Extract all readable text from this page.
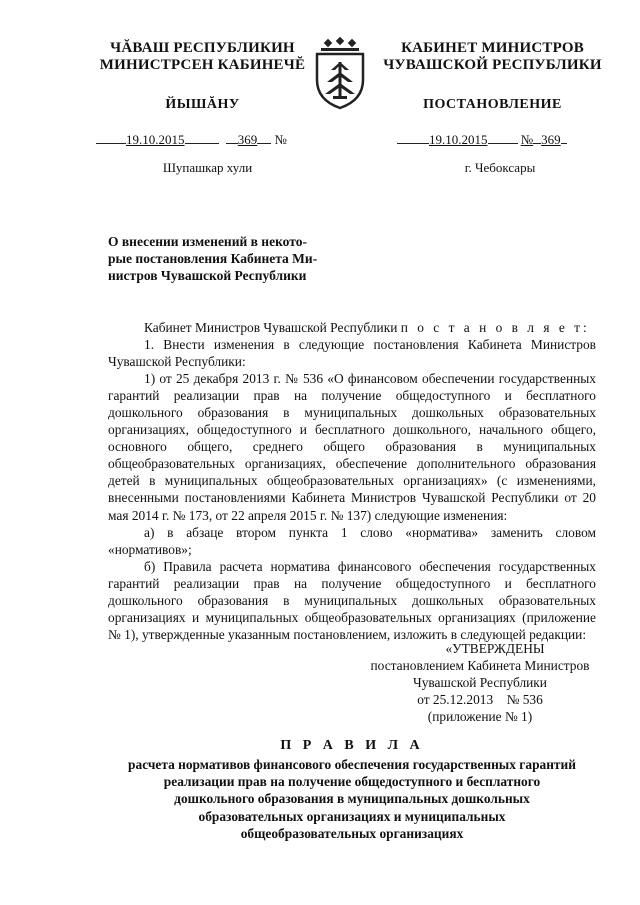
ЧĂВАШ РЕСПУБЛИКИН
МИНИСТРСЕН КАБИНЕЧĔ
ЙЫШĂНУ
КАБИНЕТ МИНИСТРОВ
ЧУВАШСКОЙ РЕСПУБЛИКИ
ПОСТАНОВЛЕНИЕ
19.10.2015	369 №	19.10.2015	№ 369
Шупашкар хули	г. Чебоксары
О внесении изменений в некото-
рые постановления Кабинета Ми-
нистров Чувашской Республики

Кабинет Министров Чувашской Республики п о с т а н о в л я е т:

1. Внести изменения в следующие постановления Кабинета Министров Чувашской Республики:

1) от 25 декабря 2013 г. № 536 «О финансовом обеспечении государственных гарантий реализации прав на получение общедоступного и бесплатного дошкольного образования в муниципальных дошкольных образовательных организациях, общедоступного и бесплатного дошкольного, начального общего, основного общего, среднего общего образования в муниципальных общеобразовательных организациях, обеспечение дополнительного образования детей в муниципальных общеобразовательных организациях» (с изменениями, внесенными постановлениями Кабинета Министров Чувашской Республики от 20 мая 2014 г. № 173, от 22 апреля 2015 г. № 137) следующие изменения:

а) в абзаце втором пункта 1 слово «норматива» заменить словом «нормативов»;

б) Правила расчета норматива финансового обеспечения государственных гарантий реализации прав на получение общедоступного и бесплатного дошкольного образования в муниципальных дошкольных образовательных организациях и муниципальных общеобразовательных организациях (приложение № 1), утвержденные указанным постановлением, изложить в следующей редакции:

«УТВЕРЖДЕНЫ
постановлением Кабинета Министров
Чувашской Республики
от 25.12.2013    № 536
(приложение № 1)
П Р А В И Л А
расчета нормативов финансового обеспечения государственных гарантий
реализации прав на получение общедоступного и бесплатного
дошкольного образования в муниципальных дошкольных
образовательных организациях и муниципальных
общеобразовательных организациях
